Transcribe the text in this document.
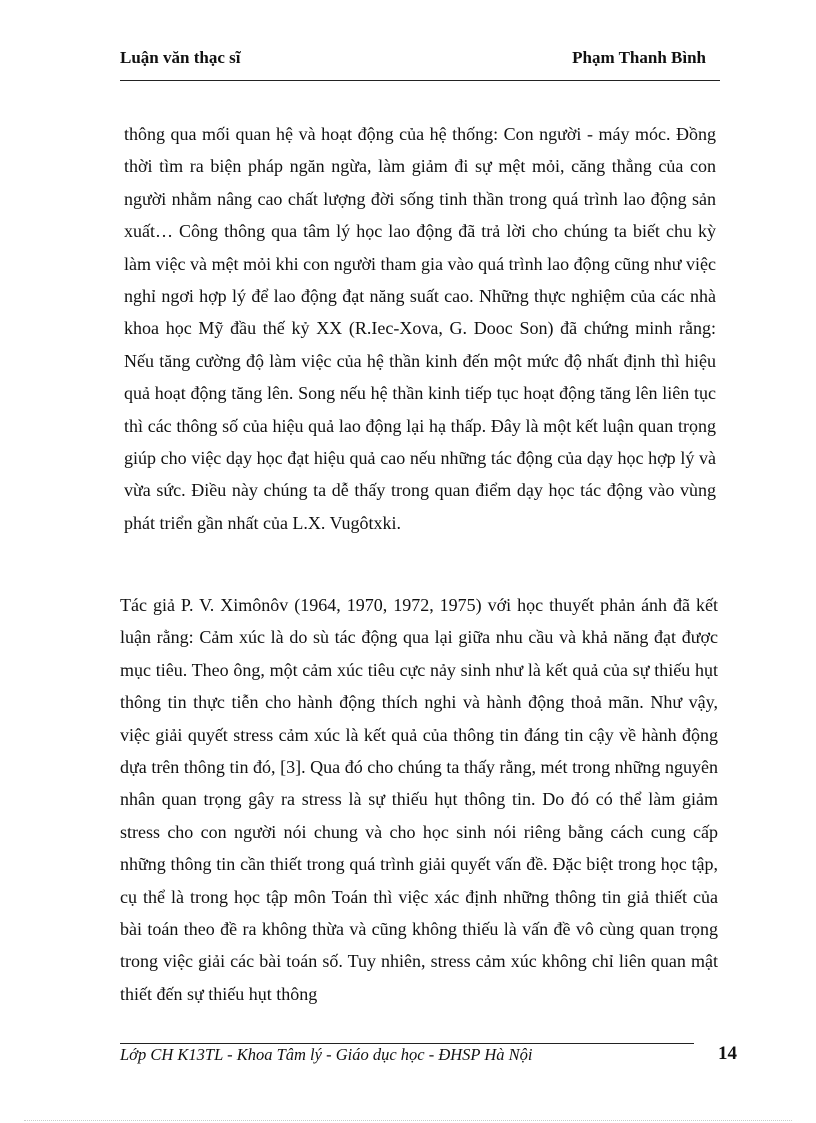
Luận văn thạc sĩ	Phạm Thanh Bình

thông qua mối quan hệ và hoạt động của hệ thống: Con người - máy móc. Đồng thời tìm ra biện pháp ngăn ngừa, làm giảm đi sự mệt mỏi, căng thẳng của con người nhằm nâng cao chất lượng đời sống tinh thần trong quá trình lao động sản xuất… Công thông qua tâm lý học lao động đã trả lời cho chúng ta biết chu kỳ làm việc và mệt mỏi khi con người tham gia vào quá trình lao động cũng như việc nghỉ ngơi hợp lý để lao động đạt năng suất cao. Những thực nghiệm của các nhà khoa học Mỹ đầu thế kỷ XX (R.Iec-Xova, G. Dooc Son) đã chứng minh rằng: Nếu tăng cường độ làm việc của hệ thần kinh đến một mức độ nhất định thì hiệu quả hoạt động tăng lên. Song nếu hệ thần kinh tiếp tục hoạt động tăng lên liên tục thì các thông số của hiệu quả lao động lại hạ thấp. Đây là một kết luận quan trọng giúp cho việc dạy học đạt hiệu quả cao nếu những tác động của dạy học hợp lý và vừa sức. Điều này chúng ta dễ thấy trong quan điểm dạy học tác động vào vùng phát triển gần nhất của L.X. Vugôtxki.

Tác giả P. V. Ximônôv (1964, 1970, 1972, 1975) với học thuyết phản ánh đã kết luận rằng: Cảm xúc là do sù tác động qua lại giữa nhu cầu và khả năng đạt được mục tiêu. Theo ông, một cảm xúc tiêu cực nảy sinh như là kết quả của sự thiếu hụt thông tin thực tiễn cho hành động thích nghi và hành động thoả mãn. Như vậy, việc giải quyết stress cảm xúc là kết quả của thông tin đáng tin cậy về hành động dựa trên thông tin đó, [3]. Qua đó cho chúng ta thấy rằng, mét trong những nguyên nhân quan trọng gây ra stress là sự thiếu hụt thông tin. Do đó có thể làm giảm stress cho con người nói chung và cho học sinh nói riêng bằng cách cung cấp những thông tin cần thiết trong quá trình giải quyết vấn đề. Đặc biệt trong học tập, cụ thể là trong học tập môn Toán thì việc xác định những thông tin giả thiết của bài toán theo đề ra không thừa và cũng không thiếu là vấn đề vô cùng quan trọng trong việc giải các bài toán số. Tuy nhiên, stress cảm xúc không chỉ liên quan mật thiết đến sự thiếu hụt thông

Lớp CH K13TL - Khoa Tâm lý - Giáo dục học - ĐHSP Hà Nội	14
